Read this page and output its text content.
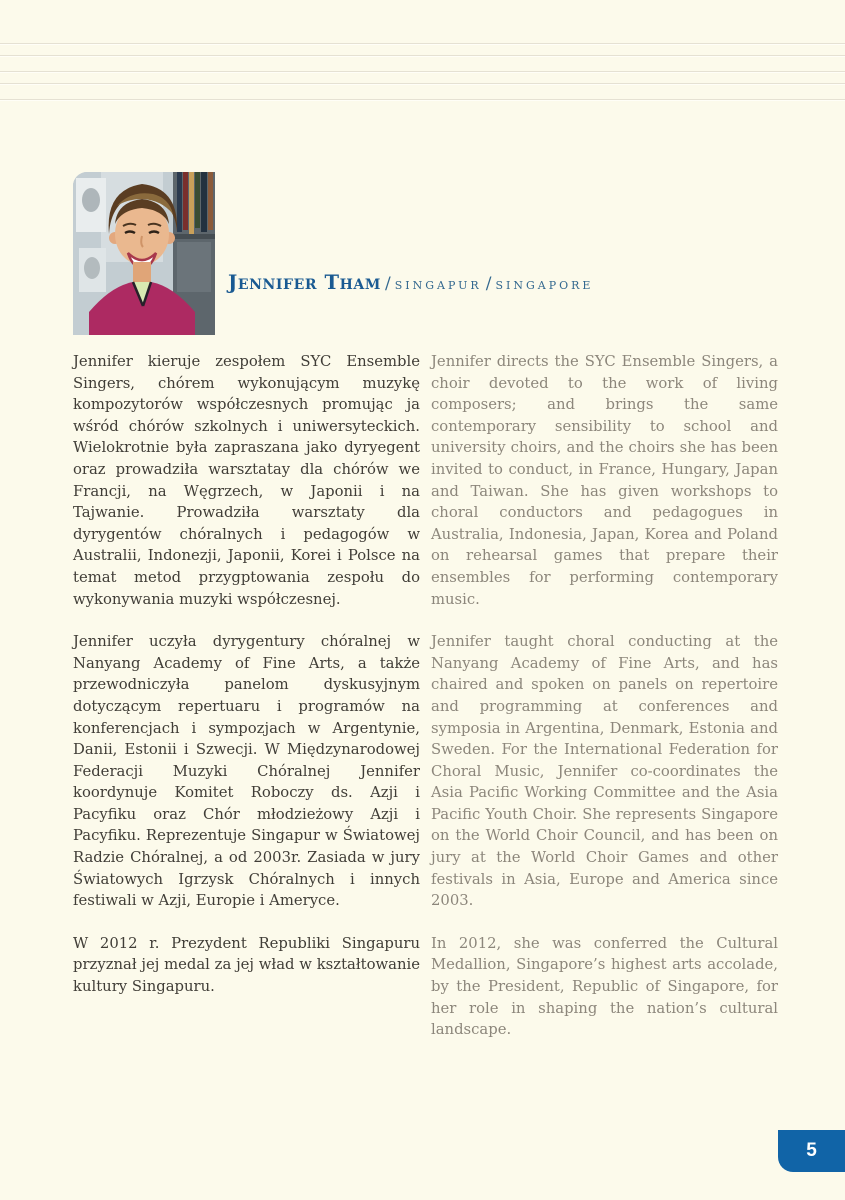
Jennifer Tham / singapur / singapore

Jennifer kieruje zespołem SYC Ensemble Singers, chórem wykonującym muzykę kompozytorów współczesnych promując ja wśród chórów szkolnych i uniwersyteckich. Wielokrotnie była zapraszana jako dyryegent oraz prowadziła warsztatay dla chórów we Francji, na Węgrzech, w Japonii i na Tajwanie. Prowadziła warsztaty dla dyrygentów chóralnych i pedagogów w Australii, Indonezji, Japonii, Korei i Polsce na temat metod przygptowania zespołu do wykonywania muzyki współczesnej.

Jennifer uczyła dyrygentury chóralnej w Nanyang Academy of Fine Arts, a także przewodniczyła panelom dyskusyjnym dotyczącym repertuaru i programów na konferencjach i sympozjach w Argentynie, Danii, Estonii i Szwecji. W Międzynarodowej Federacji Muzyki Chóralnej Jennifer koordynuje Komitet Roboczy ds. Azji i Pacyfiku oraz Chór młodzieżowy Azji i Pacyfiku. Reprezentuje Singapur w Światowej Radzie Chóralnej, a od 2003r. Zasiada w jury Światowych Igrzysk Chóralnych i innych festiwali w Azji, Europie i Ameryce.

W 2012 r. Prezydent Republiki Singapuru przyznał jej medal za jej wład w kształtowanie kultury Singapuru.

Jennifer directs the SYC Ensemble Singers, a choir devoted to the work of living composers; and brings the same contemporary sensibility to school and university choirs, and the choirs she has been invited to conduct, in France, Hungary, Japan and Taiwan. She has given workshops to choral conductors and pedagogues in Australia, Indonesia, Japan, Korea and Poland on rehearsal games that prepare their ensembles for performing contemporary music.

Jennifer taught choral conducting at the Nanyang Academy of Fine Arts, and has chaired and spoken on panels on repertoire and programming at conferences and symposia in Argentina, Denmark, Estonia and Sweden. For the International Federation for Choral Music, Jennifer co-coordinates the Asia Pacific Working Committee and the Asia Pacific Youth Choir. She represents Singapore on the World Choir Council, and has been on jury at the World Choir Games and other festivals in Asia, Europe and America since 2003.

In 2012, she was conferred the Cultural Medallion, Singapore’s highest arts accolade, by the President, Republic of Singapore, for her role in shaping the nation’s cultural landscape.

5
